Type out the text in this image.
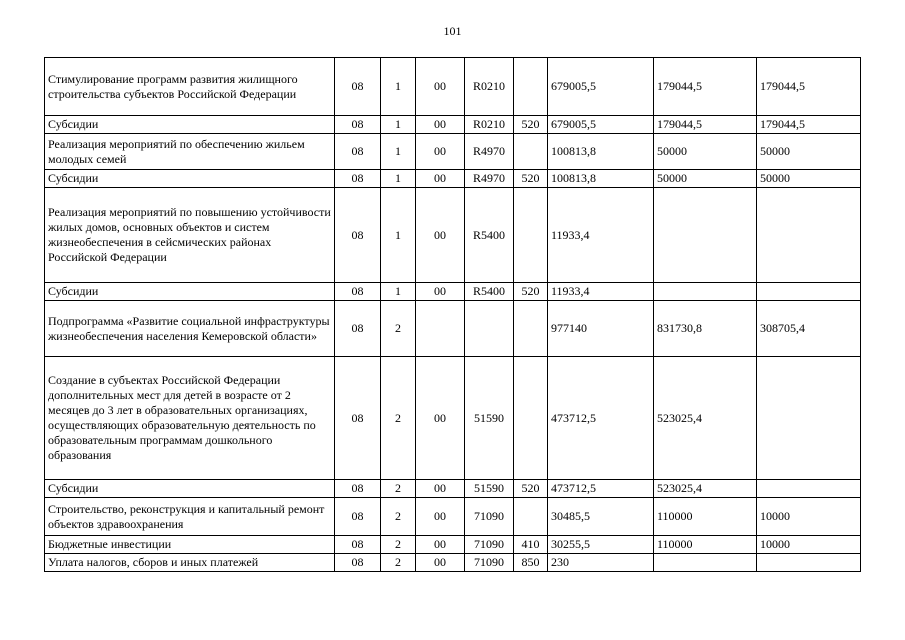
101
Стимулирование программ развития жилищного строительства субъектов Российской Федерации	08	1	00	R0210		679005,5	179044,5	179044,5
Субсидии	08	1	00	R0210	520	679005,5	179044,5	179044,5
Реализация мероприятий по обеспечению жильем молодых семей	08	1	00	R4970		100813,8	50000	50000
Субсидии	08	1	00	R4970	520	100813,8	50000	50000
Реализация мероприятий по повышению устойчивости жилых домов, основных объектов и систем жизнеобеспечения в сейсмических районах Российской Федерации	08	1	00	R5400		11933,4		
Субсидии	08	1	00	R5400	520	11933,4		
Подпрограмма «Развитие социальной инфраструктуры жизнеобеспечения населения Кемеровской области»	08	2				977140	831730,8	308705,4
Создание в субъектах Российской Федерации дополнительных мест для детей в возрасте от 2 месяцев до 3 лет в образовательных организациях, осуществляющих образовательную деятельность по образовательным программам дошкольного образования	08	2	00	51590		473712,5	523025,4	
Субсидии	08	2	00	51590	520	473712,5	523025,4	
Строительство, реконструкция и капитальный ремонт объектов здравоохранения	08	2	00	71090		30485,5	110000	10000
Бюджетные инвестиции	08	2	00	71090	410	30255,5	110000	10000
Уплата налогов, сборов и иных платежей	08	2	00	71090	850	230		
